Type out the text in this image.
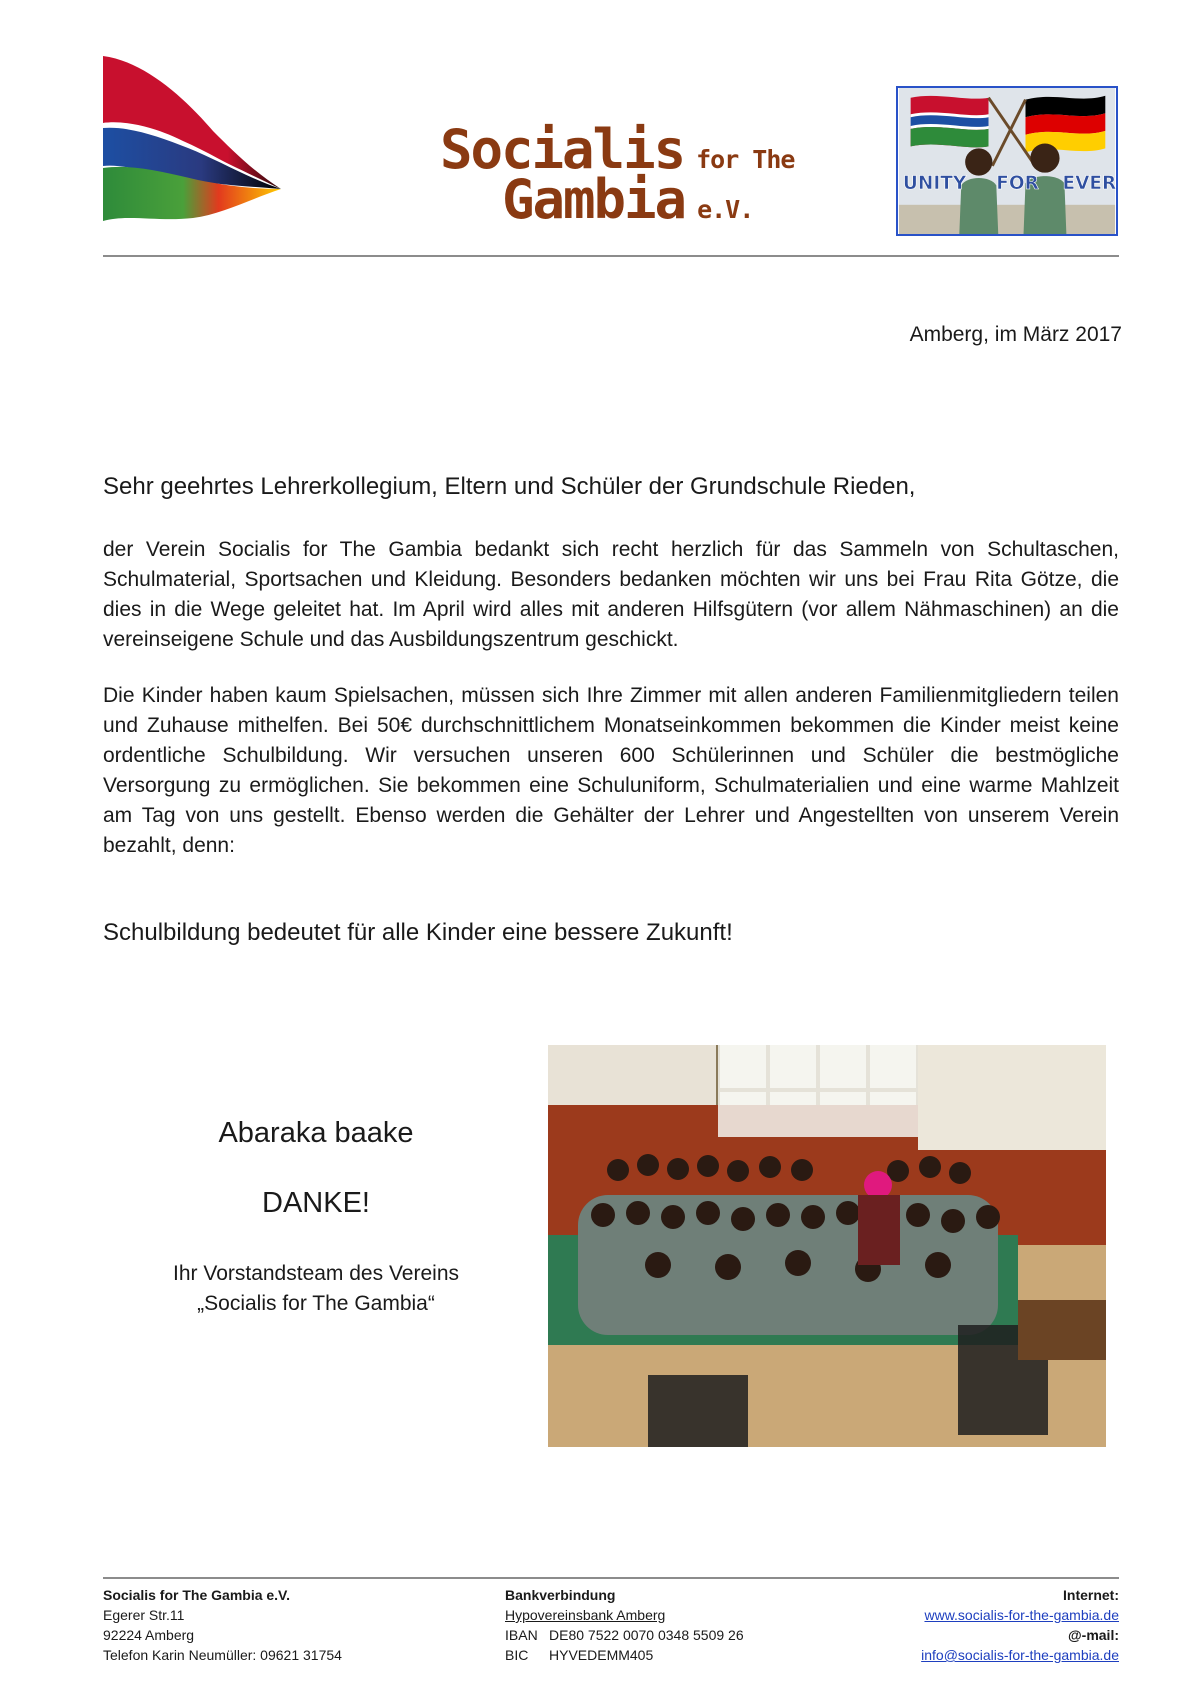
Socialis for The
Gambia e.V.
UNITY FOR EVER
Amberg, im März 2017
Sehr geehrtes Lehrerkollegium, Eltern und Schüler der Grundschule Rieden,
der Verein Socialis for The Gambia bedankt sich recht herzlich für das Sammeln von Schultaschen, Schulmaterial, Sportsachen und Kleidung. Besonders bedanken möchten wir uns bei Frau Rita Götze, die dies in die Wege geleitet hat. Im April wird alles mit anderen Hilfsgütern (vor allem Nähmaschinen) an die vereinseigene Schule und das Ausbildungszentrum geschickt.
Die Kinder haben kaum Spielsachen, müssen sich Ihre Zimmer mit allen anderen Familienmitgliedern teilen und Zuhause mithelfen. Bei 50€ durchschnittlichem Monatseinkommen bekommen die Kinder meist keine ordentliche Schulbildung. Wir versuchen unseren 600 Schülerinnen und Schüler die bestmögliche Versorgung zu ermöglichen. Sie bekommen eine Schuluniform, Schulmaterialien und eine warme Mahlzeit am Tag von uns gestellt. Ebenso werden die Gehälter der Lehrer und Angestellten von unserem Verein bezahlt, denn:
Schulbildung bedeutet für alle Kinder eine bessere Zukunft!
Abaraka baake
DANKE!
Ihr Vorstandsteam des Vereins
„Socialis for The Gambia“
Socialis for The Gambia e.V.
Egerer Str.11
92224 Amberg
Telefon Karin Neumüller: 09621 31754
Bankverbindung
Hypovereinsbank Amberg
IBAN DE80 7522 0070 0348 5509 26
BIC HYVEDEMM405
Internet:
www.socialis-for-the-gambia.de
@-mail:
info@socialis-for-the-gambia.de
